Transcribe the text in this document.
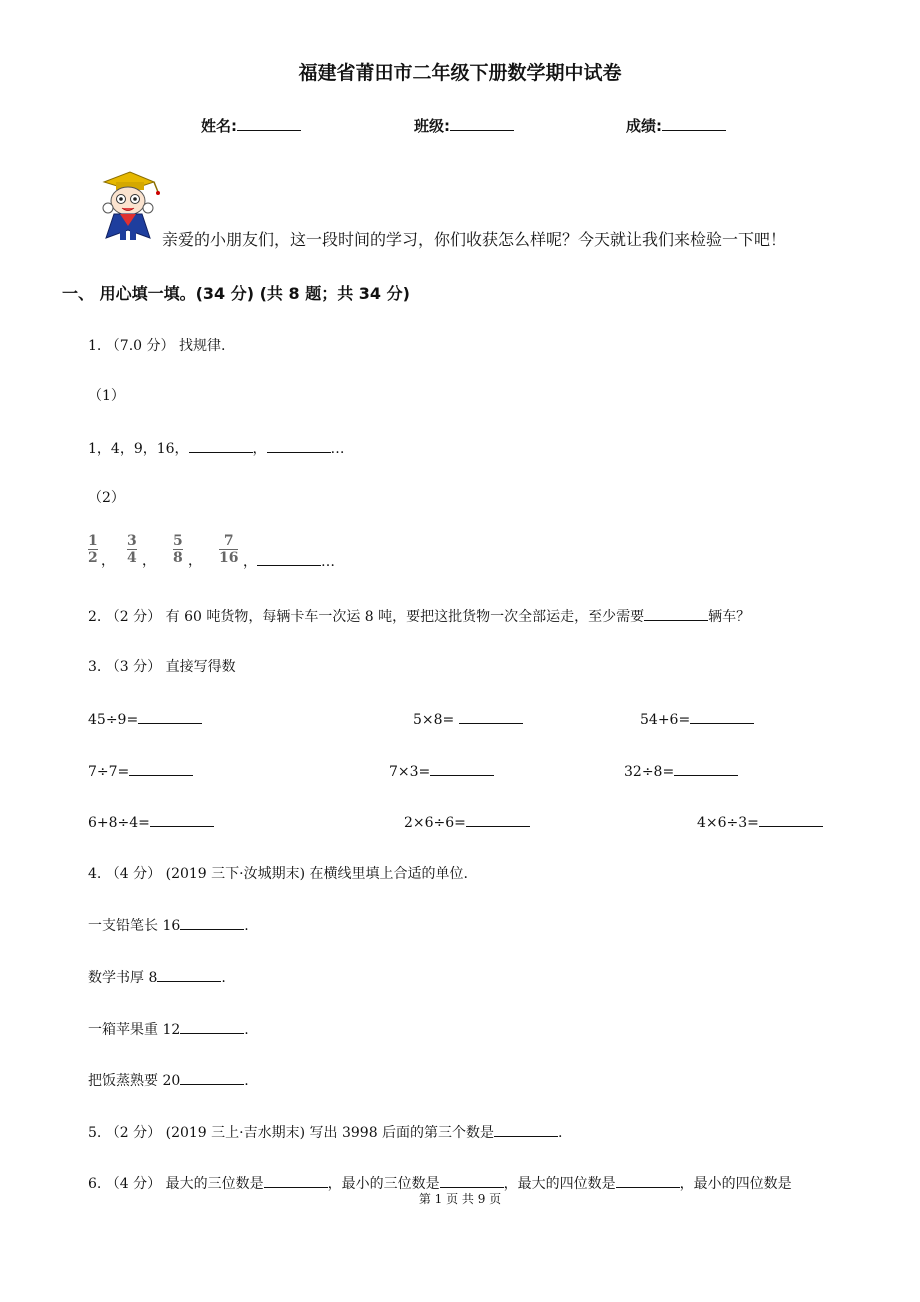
福建省莆田市二年级下册数学期中试卷
姓名:	班级:	成绩:
亲爱的小朋友们，这一段时间的学习，你们收获怎么样呢？今天就让我们来检验一下吧！
一、 用心填一填。(34 分) (共 8 题；共 34 分)
1. （7.0 分） 找规律.
（1）
1，4，9，16，	，	…
（2）
1
2 ，
3
4 ，
5
8 ，
7
16 ，	…
2. （2 分） 有 60 吨货物，每辆卡车一次运 8 吨，要把这批货物一次全部运走，至少需要	辆车？
3. （3 分） 直接写得数
45÷9=	5×8=	54+6=
7÷7=	7×3=	32÷8=
6+8÷4=	2×6÷6=	4×6÷3=
4. （4 分） (2019 三下·汝城期末) 在横线里填上合适的单位.
一支铅笔长 16	.
数学书厚 8	.
一箱苹果重 12	.
把饭蒸熟要 20	.
5. （2 分） (2019 三上·吉水期末) 写出 3998 后面的第三个数是	.
6. （4 分） 最大的三位数是	，最小的三位数是	，最大的四位数是	，最小的四位数是
第 1 页 共 9 页
